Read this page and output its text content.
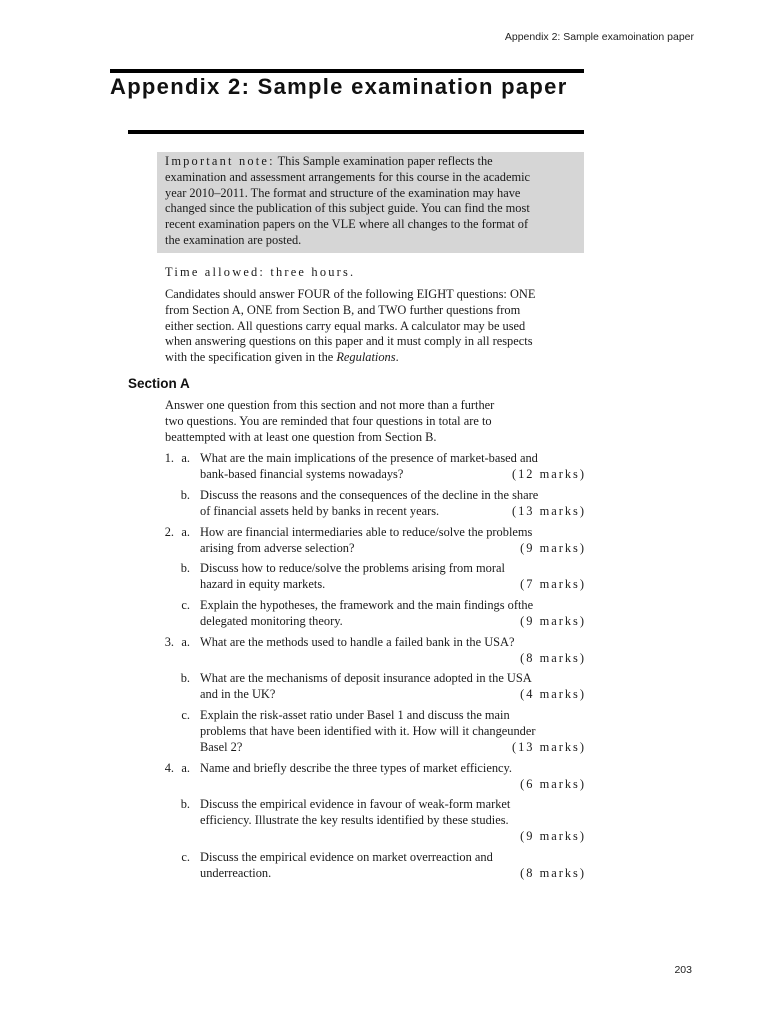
Appendix 2: Sample examoination paper
Appendix 2: Sample examination paper
Important note: This Sample examination paper reflects the
examination and assessment arrangements for this course in the academic
year 2010–2011. The format and structure of the examination may have
changed since the publication of this subject guide. You can find the most
recent examination papers on the VLE where all changes to the format of
the examination are posted.
Time allowed: three hours.
Candidates should answer FOUR of the following EIGHT questions: ONE
from Section A, ONE from Section B, and TWO further questions from
either section. All questions carry equal marks. A calculator may be used
when answering questions on this paper and it must comply in all respects
with the specification given in the Regulations.
Section A
Answer one question from this section and not more than a further
two questions. You are reminded that four questions in total are to
beattempted with at least one question from Section B.
1. a. What are the main implications of the presence of market-based and
bank-based financial systems nowadays?	(12 marks)
b. Discuss the reasons and the consequences of the decline in the share
of financial assets held by banks in recent years.	(13 marks)
2. a. How are financial intermediaries able to reduce/solve the problems
arising from adverse selection?	(9 marks)
b. Discuss how to reduce/solve the problems arising from moral
hazard in equity markets.	(7 marks)
c. Explain the hypotheses, the framework and the main findings ofthe
delegated monitoring theory.	(9 marks)
3. a. What are the methods used to handle a failed bank in the USA?
(8 marks)

b. What are the mechanisms of deposit insurance adopted in the USA
and in the UK?	(4 marks)
c. Explain the risk-asset ratio under Basel 1 and discuss the main
problems that have been identified with it. How will it changeunder
Basel 2?	(13 marks)
4. a. Name and briefly describe the three types of market efficiency.
(6 marks)

b. Discuss the empirical evidence in favour of weak-form market
efficiency. Illustrate the key results identified by these studies.
(9 marks)

c. Discuss the empirical evidence on market overreaction and
underreaction.	(8 marks)
203
